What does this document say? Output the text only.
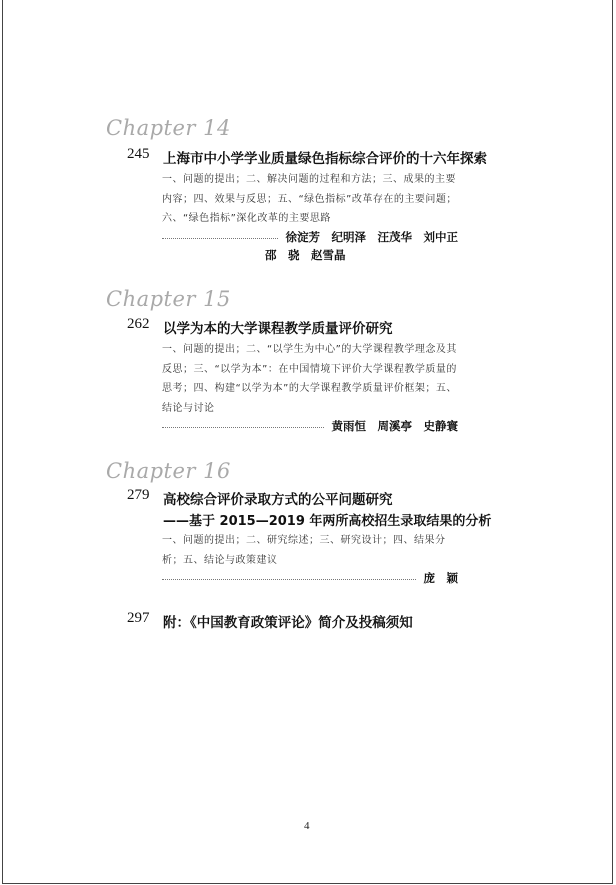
Chapter 14
245 上海市中小学学业质量绿色指标综合评价的十六年探索
一、问题的提出；二、解决问题的过程和方法；三、成果的主要内容；四、效果与反思；五、“绿色指标”改革存在的主要问题；六、“绿色指标”深化改革的主要思路
徐淀芳　纪明泽　汪茂华　刘中正
邵　骁　赵雪晶
Chapter 15
262 以学为本的大学课程教学质量评价研究
一、问题的提出；二、“以学生为中心”的大学课程教学理念及其反思；三、“以学为本”：在中国情境下评价大学课程教学质量的思考；四、构建“以学为本”的大学课程教学质量评价框架；五、结论与讨论
黄雨恒　周溪亭　史静寰
Chapter 16
279 高校综合评价录取方式的公平问题研究
——基于 2015—2019 年两所高校招生录取结果的分析
一、问题的提出；二、研究综述；三、研究设计；四、结果分析；五、结论与政策建议
庞　颖
297 附：《中国教育政策评论》简介及投稿须知
4
